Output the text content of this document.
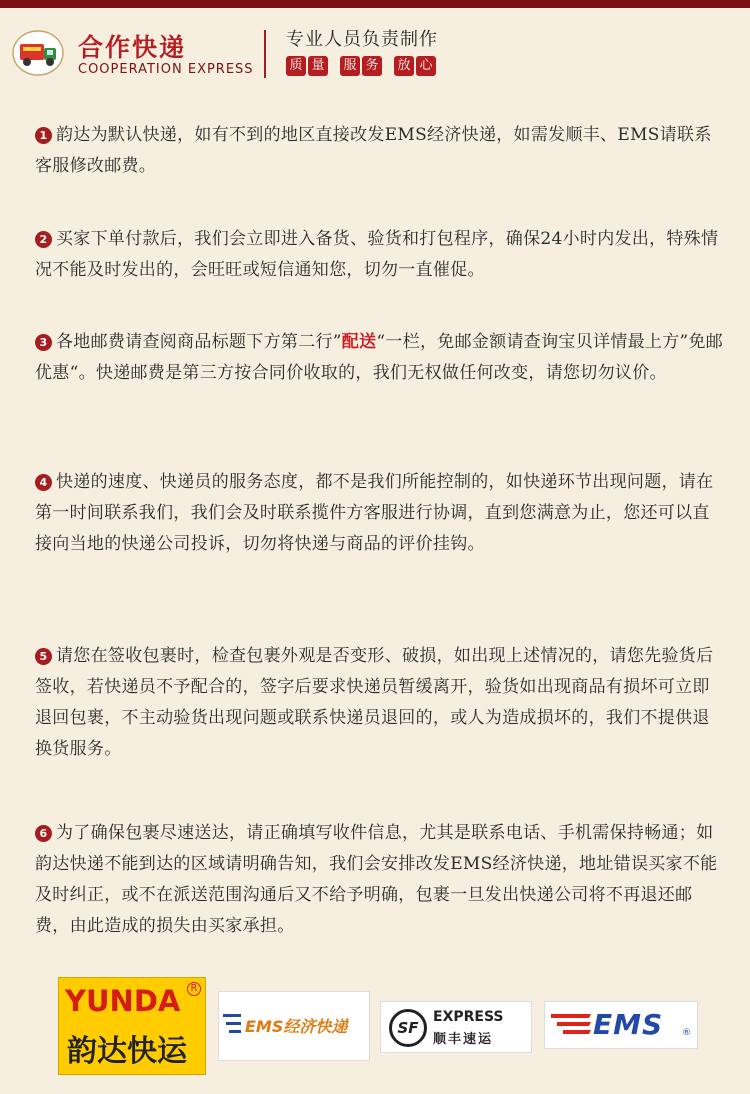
合作快递
COOPERATION EXPRESS
专业人员负责制作
质 量 服 务 放 心
1 韵达为默认快递，如有不到的地区直接改发EMS经济快递，如需发顺丰、EMS请联系客服修改邮费。
2 买家下单付款后，我们会立即进入备货、验货和打包程序，确保24小时内发出，特殊情况不能及时发出的，会旺旺或短信通知您，切勿一直催促。
3 各地邮费请查阅商品标题下方第二行”配送“一栏，免邮金额请查询宝贝详情最上方”免邮优惠“。快递邮费是第三方按合同价收取的，我们无权做任何改变，请您切勿议价。
4 快递的速度、快递员的服务态度，都不是我们所能控制的，如快递环节出现问题，请在第一时间联系我们，我们会及时联系揽件方客服进行协调，直到您满意为止，您还可以直接向当地的快递公司投诉，切勿将快递与商品的评价挂钩。
5 请您在签收包裹时，检查包裹外观是否变形、破损，如出现上述情况的，请您先验货后签收，若快递员不予配合的，签字后要求快递员暂缓离开，验货如出现商品有损坏可立即退回包裹，不主动验货出现问题或联系快递员退回的，或人为造成损坏的，我们不提供退换货服务。
6 为了确保包裹尽速送达，请正确填写收件信息，尤其是联系电话、手机需保持畅通；如韵达快递不能到达的区域请明确告知，我们会安排改发EMS经济快递，地址错误买家不能及时纠正，或不在派送范围沟通后又不给予明确，包裹一旦发出快递公司将不再退还邮费，由此造成的损失由买家承担。
YUNDA	R
韵达快运
EMS经济快递	SF
EXPRESS
顺丰速运	EMS ®
